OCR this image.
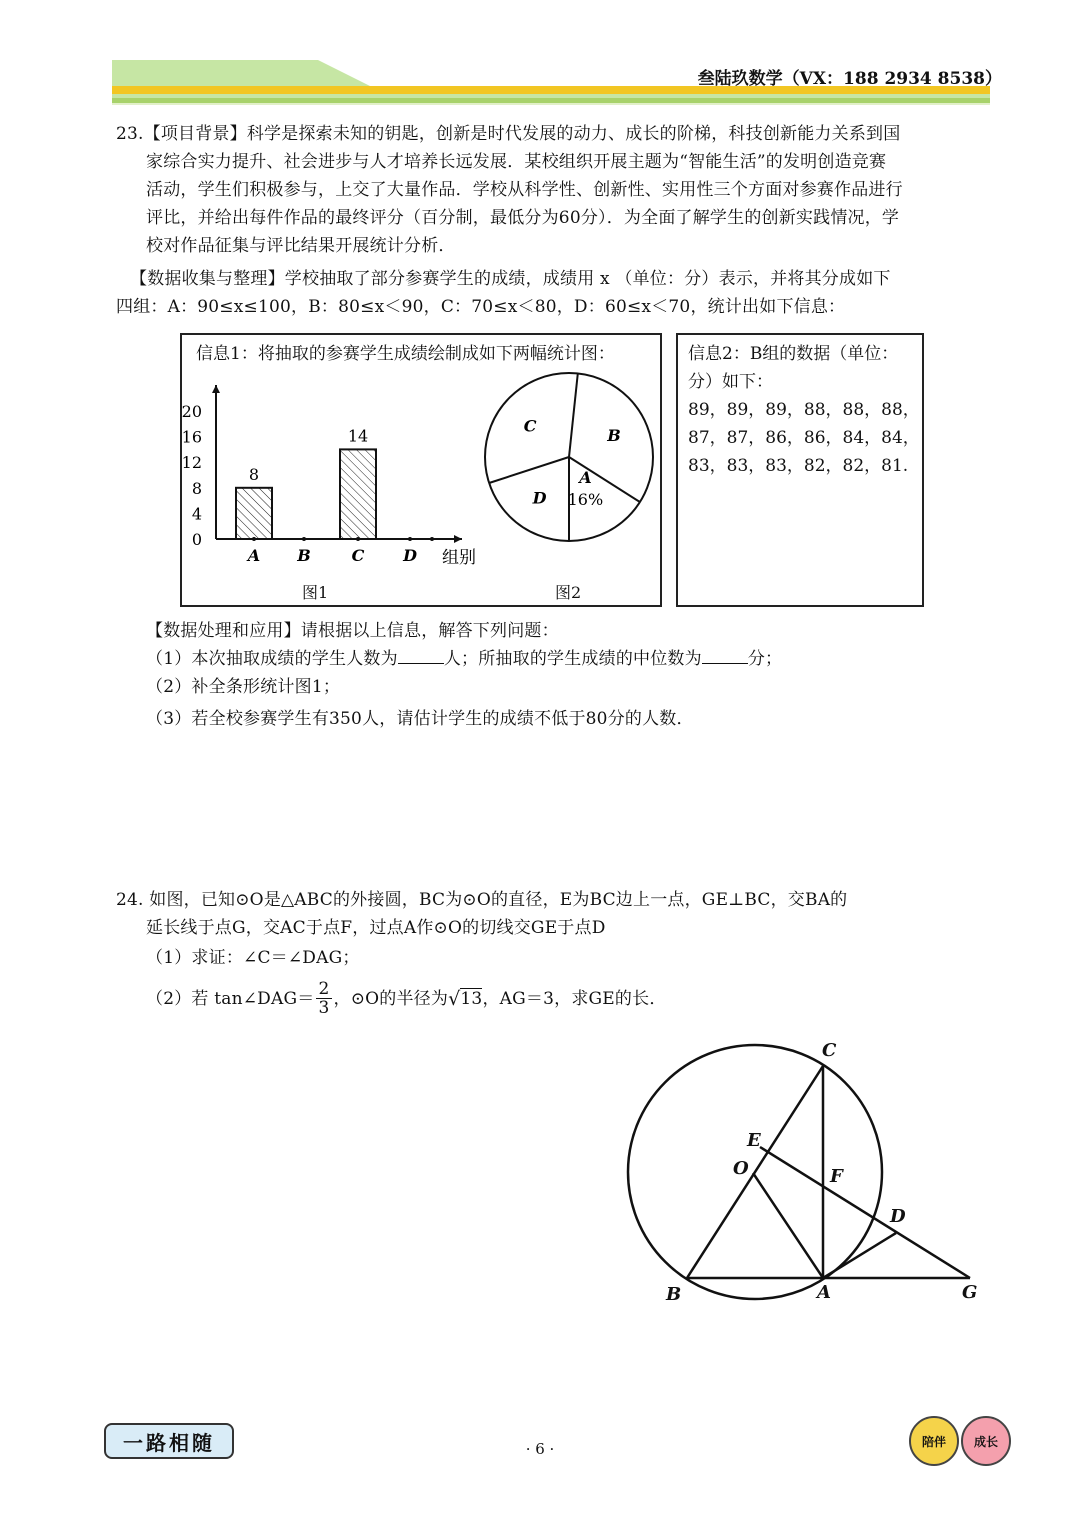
叁陆玖数学（VX：188 2934 8538）
23.【项目背景】科学是探索未知的钥匙，创新是时代发展的动力、成长的阶梯，科技创新能力关系到国
家综合实力提升、社会进步与人才培养长远发展．某校组织开展主题为“智能生活”的发明创造竞赛
活动，学生们积极参与，上交了大量作品．学校从科学性、创新性、实用性三个方面对参赛作品进行
评比，并给出每件作品的最终评分（百分制，最低分为60分）．为全面了解学生的创新实践情况，学
校对作品征集与评比结果开展统计分析．
【数据收集与整理】学校抽取了部分参赛学生的成绩，成绩用 x （单位：分）表示，并将其分成如下
四组：A：90≤x≤100，B：80≤x＜90，C：70≤x＜80，D：60≤x＜70，统计出如下信息：
信息1：将抽取的参赛学生成绩绘制成如下两幅统计图：
0
4
8
12
16
20
A
8
B	C
14
D 组别
A
16%
B
C
D
图1	图2
信息2：B组的数据（单位：
分）如下：
89，89，89，88，88，88，
87，87，86，86，84，84，
83，83，83，82，82，81.
【数据处理和应用】请根据以上信息，解答下列问题：
（1）本次抽取成绩的学生人数为	人；所抽取的学生成绩的中位数为	分；
（2）补全条形统计图1；
（3）若全校参赛学生有350人，请估计学生的成绩不低于80分的人数．
24. 如图，已知⊙O是△ABC的外接圆，BC为⊙O的直径，E为BC边上一点，GE⊥BC，交BA的
延长线于点G，交AC于点F，过点A作⊙O的切线交GE于点D
（1）求证：∠C＝∠DAG；
（2）若 tan∠DAG＝ $\frac{2}{3}$ ，⊙O的半径为 √ 13 ，AG＝3，求GE的长．
C
E
O	F
D
B	A	G
一路相随	· 6 ·	陪伴	成长
